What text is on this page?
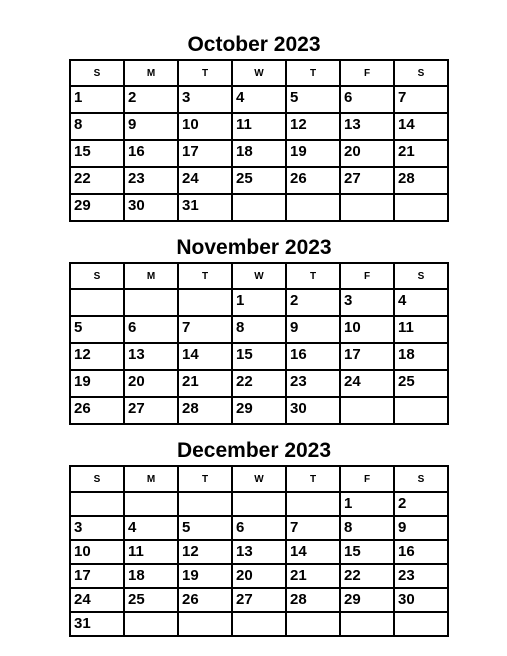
October 2023
S	M	T	W	T	F	S
1	2	3	4	5	6	7
8	9	10	11	12	13	14
15	16	17	18	19	20	21
22	23	24	25	26	27	28
29	30	31				
November 2023
S	M	T	W	T	F	S
			1	2	3	4
5	6	7	8	9	10	11
12	13	14	15	16	17	18
19	20	21	22	23	24	25
26	27	28	29	30		
December 2023
S	M	T	W	T	F	S
					1	2
3	4	5	6	7	8	9
10	11	12	13	14	15	16
17	18	19	20	21	22	23
24	25	26	27	28	29	30
31						
